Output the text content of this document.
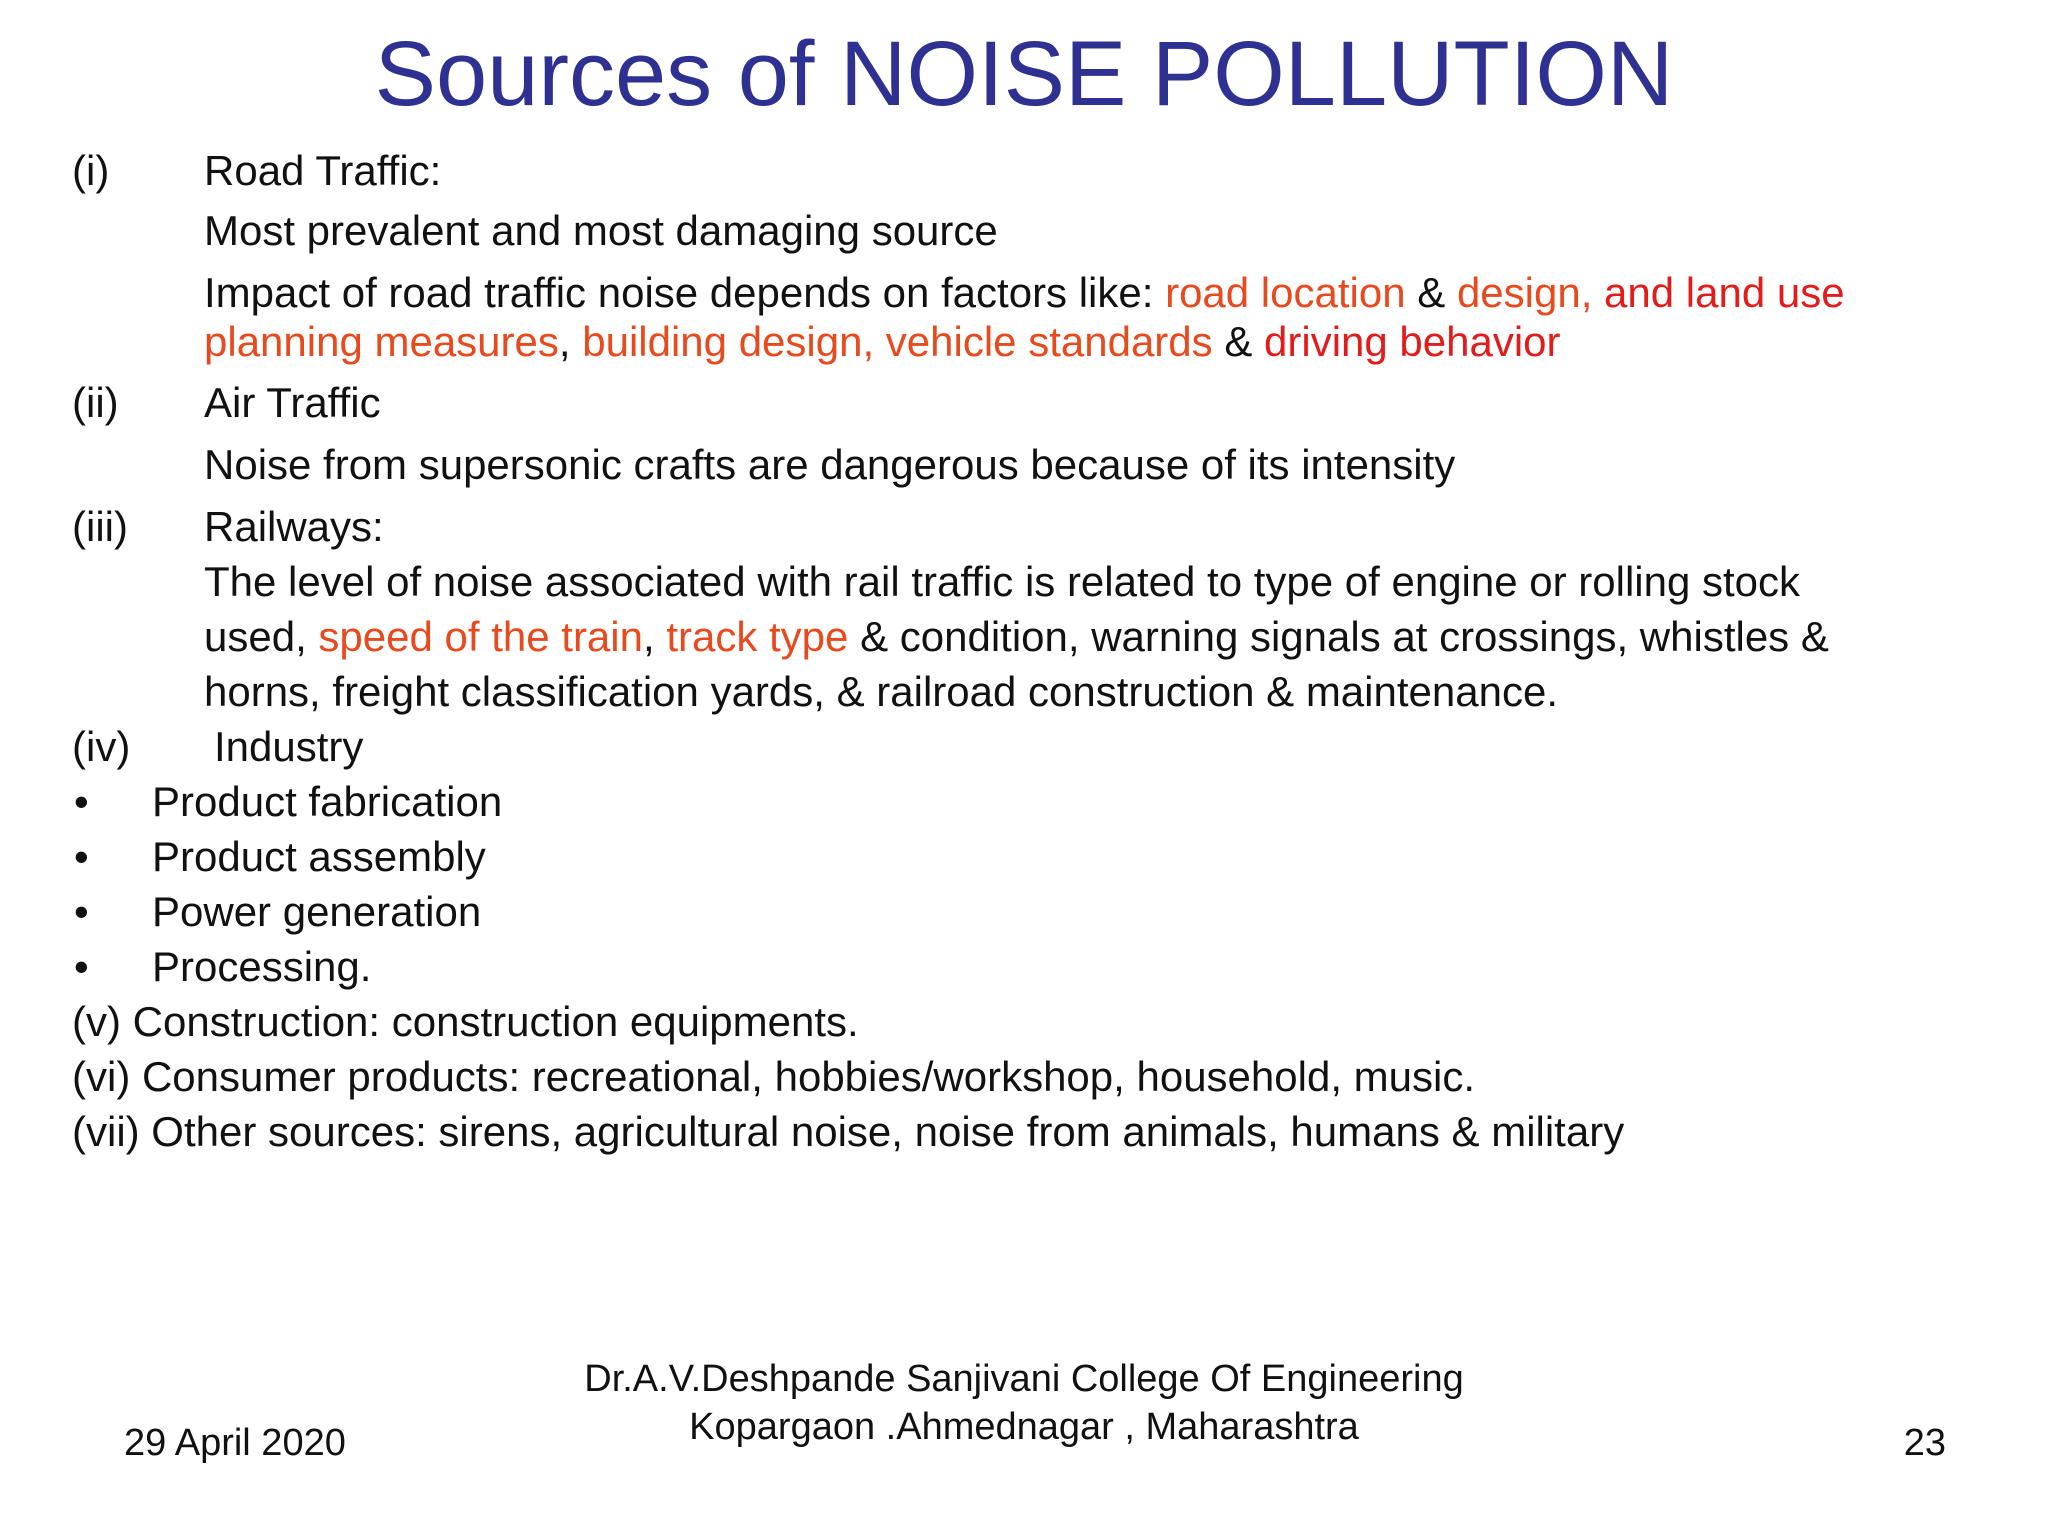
Sources of NOISE POLLUTION
(i) Road Traffic:
Most prevalent and most damaging source
Impact of road traffic noise depends on factors like: road location & design, and land use
planning measures, building design, vehicle standards & driving behavior
(ii) Air Traffic
Noise from supersonic crafts are dangerous because of its intensity
(iii) Railways:
The level of noise associated with rail traffic is related to type of engine or rolling stock
used, speed of the train, track type & condition, warning signals at crossings, whistles &
horns, freight classification yards, & railroad construction & maintenance.
(iv) Industry
• Product fabrication
• Product assembly
• Power generation
• Processing.
(v) Construction: construction equipments.
(vi) Consumer products: recreational, hobbies/workshop, household, music.
(vii) Other sources: sirens, agricultural noise, noise from animals, humans & military
Dr.A.V.Deshpande Sanjivani College Of Engineering
Kopargaon .Ahmednagar , Maharashtra
29 April 2020	23
